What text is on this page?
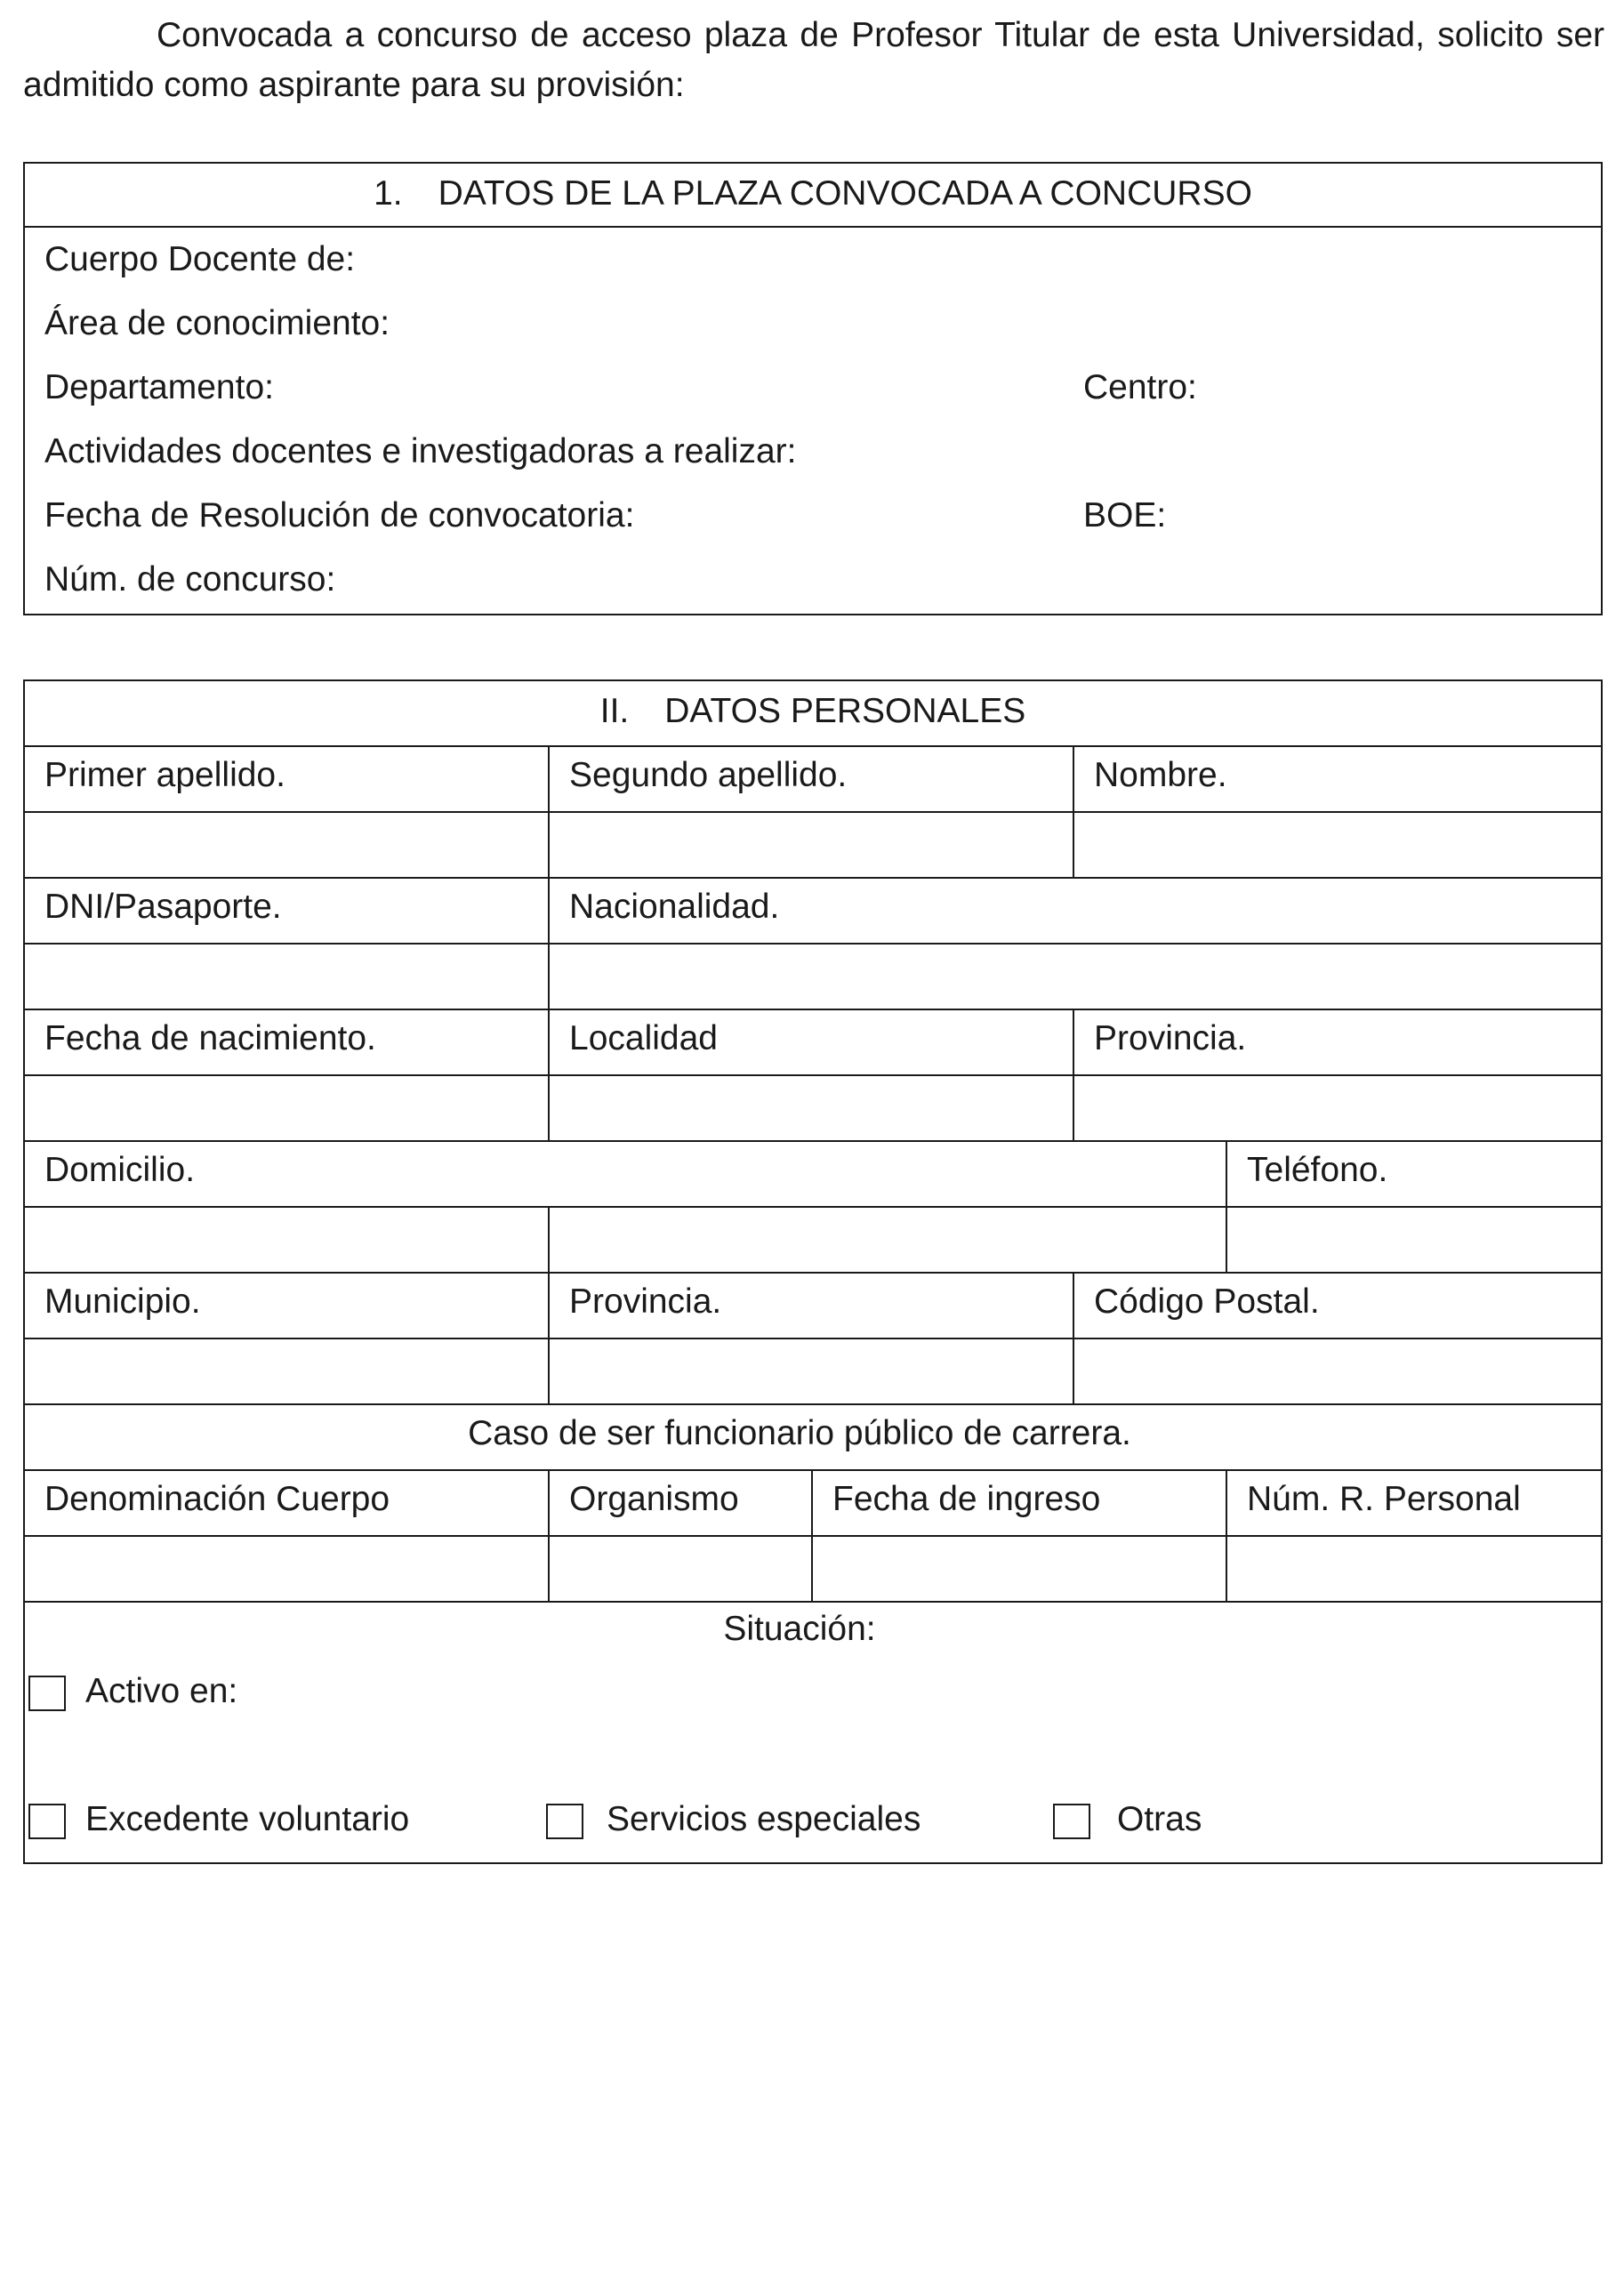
Convocada a concurso de acceso plaza de Profesor Titular de esta Universidad, solicito ser admitido como aspirante para su provisión:

1. DATOS DE LA PLAZA CONVOCADA A CONCURSO
Cuerpo Docente de:
Área de conocimiento:
Departamento:	Centro:
Actividades docentes e investigadoras a realizar:
Fecha de Resolución de convocatoria:	BOE:
Núm. de concurso:
II. DATOS PERSONALES
Primer apellido.	Segundo apellido.	Nombre.
DNI/Pasaporte.	Nacionalidad.
Fecha de nacimiento.	Localidad	Provincia.
Domicilio.	Teléfono.
Municipio.	Provincia.	Código Postal.
Caso de ser funcionario público de carrera.
Denominación Cuerpo	Organismo	Fecha de ingreso	Núm. R. Personal
Situación:
Activo en:
Excedente voluntario	Servicios especiales	Otras
